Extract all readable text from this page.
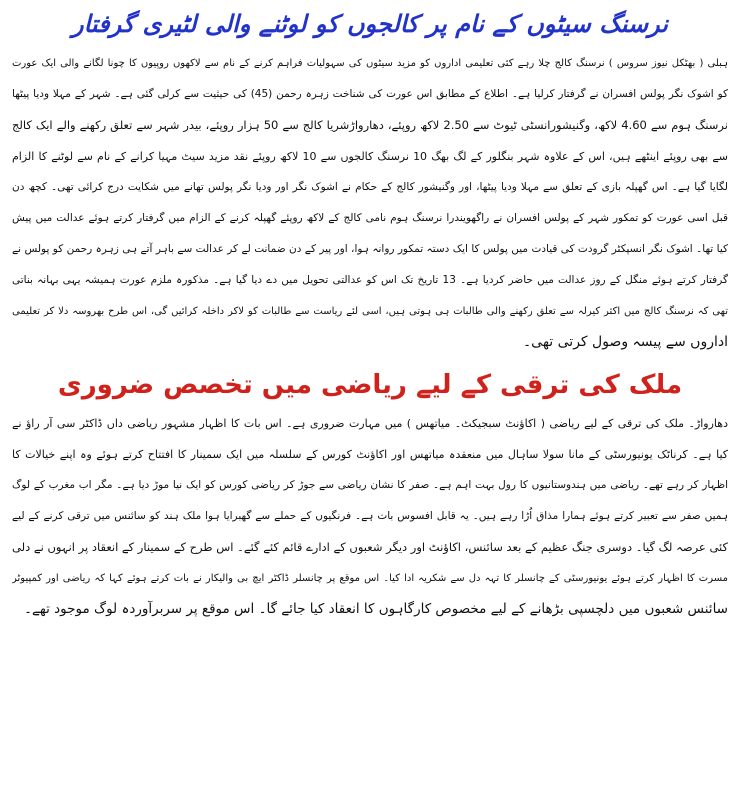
نرسنگ سیٹوں کے نام پر کالجوں کو لوٹنے والی لٹیری گرفتار
ہبلی ( بھٹکل نیوز سروس ) نرسنگ کالج چلا رہے کئی تعلیمی اداروں کو مزید سیٹوں کی سہولیات فراہم کرنے کے نام سے لاکھوں روپیوں کا چونا لگانے والی ایک عورت
کو اشوک نگر پولس افسران نے گرفتار کرلیا ہے۔ اطلاع کے مطابق اس عورت کی شناخت زہرہ رحمن (45) کی حیثیت سے کرلی گئی ہے۔ شہر کے مہلا ودیا پیٹھا
نرسنگ ہوم سے 4.60 لاکھ، وگنیشورانسٹی ٹیوٹ سے 2.50 لاکھ روپئے، دھارواڑشریا کالج سے 50 ہزار روپئے، بیدر شہر سے تعلق رکھنے والے ایک کالج
سے بھی روپئے اینٹھے ہیں، اس کے علاوہ شہر بنگلور کے لگ بھگ 10 نرسنگ کالجوں سے 10 لاکھ روپئے نقد مزید سیٹ مہیا کرانے کے نام سے لوٹنے کا الزام
لگایا گیا ہے۔ اس گھپلہ بازی کے تعلق سے مہلا ودیا پیٹھا، اور وگنیشور کالج کے حکام نے اشوک نگر اور ودیا نگر پولس تھانے میں شکایت درج کرائی تھی۔ کچھ دن
قبل اسی عورت کو تمکور شہر کے پولس افسران نے راگھویندرا نرسنگ ہوم نامی کالج کے لاکھ روپئے گھپلہ کرنے کے الزام میں گرفتار کرتے ہوئے عدالت میں پیش
کیا تھا۔ اشوک نگر انسپکٹر گرودت کی قیادت میں پولس کا ایک دستہ تمکور روانہ ہوا، اور پیر کے دن ضمانت لے کر عدالت سے باہر آتے ہی زہرہ رحمن کو پولس نے
گرفتار کرتے ہوئے منگل کے روز عدالت میں حاضر کردیا ہے۔ 13 تاریخ تک اس کو عدالتی تحویل میں دے دیا گیا ہے۔ مذکورہ ملزم عورت ہمیشہ یہی بہانہ بناتی
تھی کہ نرسنگ کالج میں اکثر کیرلہ سے تعلق رکھنے والی طالبات ہی ہوتی ہیں، اسی لئے ریاست سے طالبات کو لاکر داخلہ کرائیں گی، اس طرح بھروسہ دلا کر تعلیمی
اداروں سے پیسہ وصول کرتی تھی۔
ملک کی ترقی کے لیے ریاضی میں تخصص ضروری
دھارواڑ۔ ملک کی ترقی کے لیے ریاضی ( اکاؤنٹ سبجیکٹ۔ میاتھس ) میں مہارت ضروری ہے۔ اس بات کا اظہار مشہور ریاضی داں ڈاکٹر سی آر راؤ نے
کیا ہے۔ کرناٹک یونیورسٹی کے مانا سولا ساہال میں منعقدہ میاتھس اور اکاؤنٹ کورس کے سلسلہ میں ایک سمینار کا افتتاح کرتے ہوئے وہ اپنے خیالات کا
اظہار کر رہے تھے۔ ریاضی میں ہندوستانیوں کا رول بہت اہم ہے۔ صفر کا نشان ریاضی سے جوڑ کر ریاضی کورس کو ایک نیا موڑ دیا ہے۔ مگر اب مغرب کے لوگ
ہمیں صفر سے تعبیر کرتے ہوئے ہمارا مذاق اُڑا رہے ہیں۔ یہ قابل افسوس بات ہے۔ فرنگیوں کے حملے سے گھبرایا ہوا ملک ہند کو سائنس میں ترقی کرنے کے لیے
کئی عرصہ لگ گیا۔ دوسری جنگ عظیم کے بعد سائنس، اکاؤنٹ اور دیگر شعبوں کے ادارے قائم کئے گئے۔ اس طرح کے سمینار کے انعقاد پر انہوں نے دلی
مسرت کا اظہار کرتے ہوئے یونیورسٹی کے چانسلر کا تہہ دل سے شکریہ ادا کیا۔ اس موقع پر چانسلر ڈاکٹر ایچ بی والیکار نے بات کرتے ہوئے کہا کہ ریاضی اور کمپیوٹر
سائنس شعبوں میں دلچسپی بڑھانے کے لیے مخصوص کارگاہوں کا انعقاد کیا جائے گا۔ اس موقع پر سربرآوردہ لوگ موجود تھے۔
